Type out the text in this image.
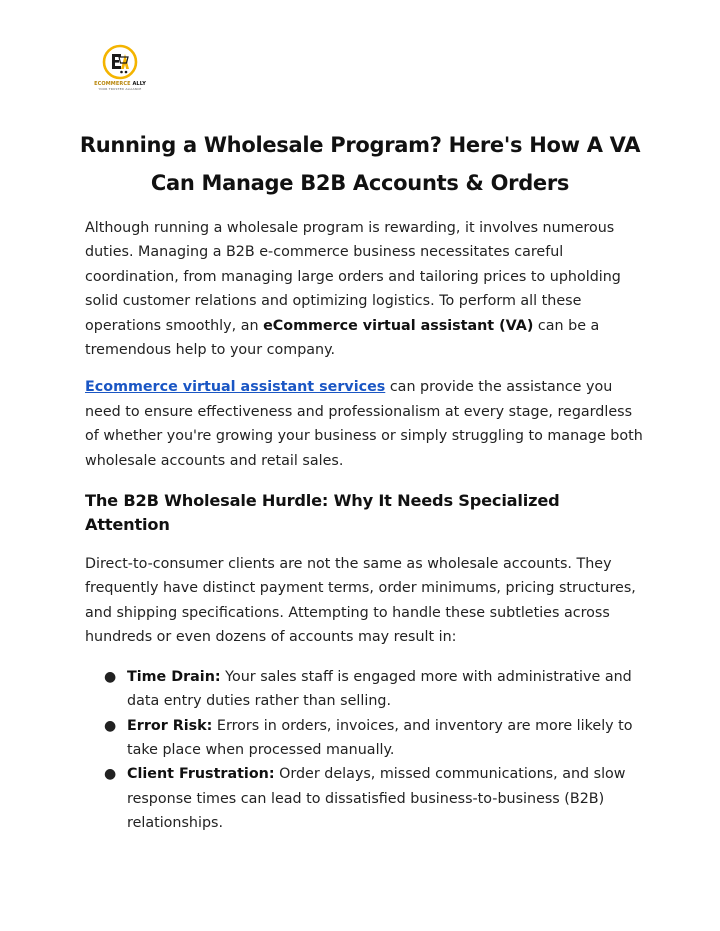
ECOMMERCE ALLY
YOUR TRUSTED ALLIANCE
Running a Wholesale Program? Here's How A VA Can Manage B2B Accounts & Orders

Although running a wholesale program is rewarding, it involves numerous duties. Managing a B2B e-commerce business necessitates careful coordination, from managing large orders and tailoring prices to upholding solid customer relations and optimizing logistics. To perform all these operations smoothly, an eCommerce virtual assistant (VA) can be a tremendous help to your company.

Ecommerce virtual assistant services can provide the assistance you need to ensure effectiveness and professionalism at every stage, regardless of whether you're growing your business or simply struggling to manage both wholesale accounts and retail sales.

The B2B Wholesale Hurdle: Why It Needs Specialized Attention

Direct-to-consumer clients are not the same as wholesale accounts. They frequently have distinct payment terms, order minimums, pricing structures, and shipping specifications. Attempting to handle these subtleties across hundreds or even dozens of accounts may result in:

● Time Drain: Your sales staff is engaged more with administrative and data entry duties rather than selling.
● Error Risk: Errors in orders, invoices, and inventory are more likely to take place when processed manually.
● Client Frustration: Order delays, missed communications, and slow response times can lead to dissatisfied business-to-business (B2B) relationships.
